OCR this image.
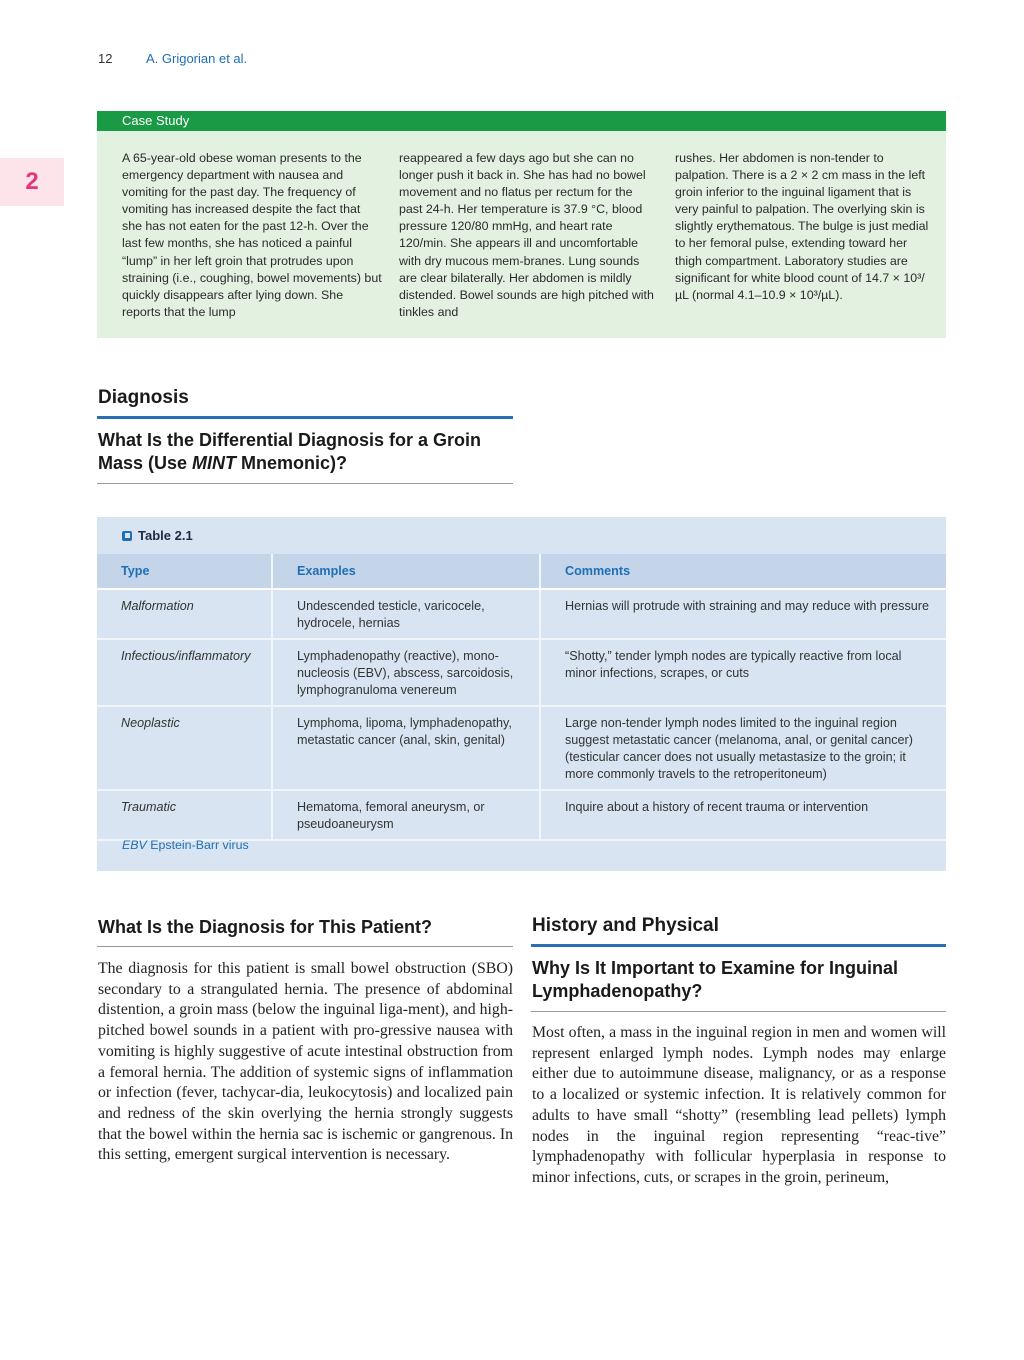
12	A. Grigorian et al.
2
Case Study
A 65-year-old obese woman presents to the emergency department with nausea and vomiting for the past day. The frequency of vomiting has increased despite the fact that she has not eaten for the past 12-h. Over the last few months, she has noticed a painful “lump” in her left groin that protrudes upon straining (i.e., coughing, bowel movements) but quickly disappears after lying down. She reports that the lump
reappeared a few days ago but she can no longer push it back in. She has had no bowel movement and no flatus per rectum for the past 24-h. Her temperature is 37.9 °C, blood pressure 120/80 mmHg, and heart rate 120/min. She appears ill and uncomfortable with dry mucous mem-branes. Lung sounds are clear bilaterally. Her abdomen is mildly distended. Bowel sounds are high pitched with tinkles and
rushes. Her abdomen is non-tender to palpation. There is a 2 × 2 cm mass in the left groin inferior to the inguinal ligament that is very painful to palpation. The overlying skin is slightly erythematous. The bulge is just medial to her femoral pulse, extending toward her thigh compartment. Laboratory studies are significant for white blood count of 14.7 × 10³/µL (normal 4.1–10.9 × 10³/µL).
Diagnosis
What Is the Differential Diagnosis for a Groin Mass (Use MINT Mnemonic)?
Table 2.1
Type	Examples	Comments
Malformation	Undescended testicle, varicocele, hydrocele, hernias	Hernias will protrude with straining and may reduce with pressure
Infectious/inflammatory	Lymphadenopathy (reactive), mono-nucleosis (EBV), abscess, sarcoidosis, lymphogranuloma venereum	“Shotty,” tender lymph nodes are typically reactive from local minor infections, scrapes, or cuts
Neoplastic	Lymphoma, lipoma, lymphadenopathy, metastatic cancer (anal, skin, genital)	Large non-tender lymph nodes limited to the inguinal region suggest metastatic cancer (melanoma, anal, or genital cancer) (testicular cancer does not usually metastasize to the groin; it more commonly travels to the retroperitoneum)
Traumatic	Hematoma, femoral aneurysm, or pseudoaneurysm	Inquire about a history of recent trauma or intervention
EBV Epstein-Barr virus
What Is the Diagnosis for This Patient?
The diagnosis for this patient is small bowel obstruction (SBO) secondary to a strangulated hernia. The presence of abdominal distention, a groin mass (below the inguinal liga-ment), and high-pitched bowel sounds in a patient with pro-gressive nausea with vomiting is highly suggestive of acute intestinal obstruction from a femoral hernia. The addition of systemic signs of inflammation or infection (fever, tachycar-dia, leukocytosis) and localized pain and redness of the skin overlying the hernia strongly suggests that the bowel within the hernia sac is ischemic or gangrenous. In this setting, emergent surgical intervention is necessary.
History and Physical
Why Is It Important to Examine for Inguinal Lymphadenopathy?
Most often, a mass in the inguinal region in men and women will represent enlarged lymph nodes. Lymph nodes may enlarge either due to autoimmune disease, malignancy, or as a response to a localized or systemic infection. It is relatively common for adults to have small “shotty” (resembling lead pellets) lymph nodes in the inguinal region representing “reac-tive” lymphadenopathy with follicular hyperplasia in response to minor infections, cuts, or scrapes in the groin, perineum,
